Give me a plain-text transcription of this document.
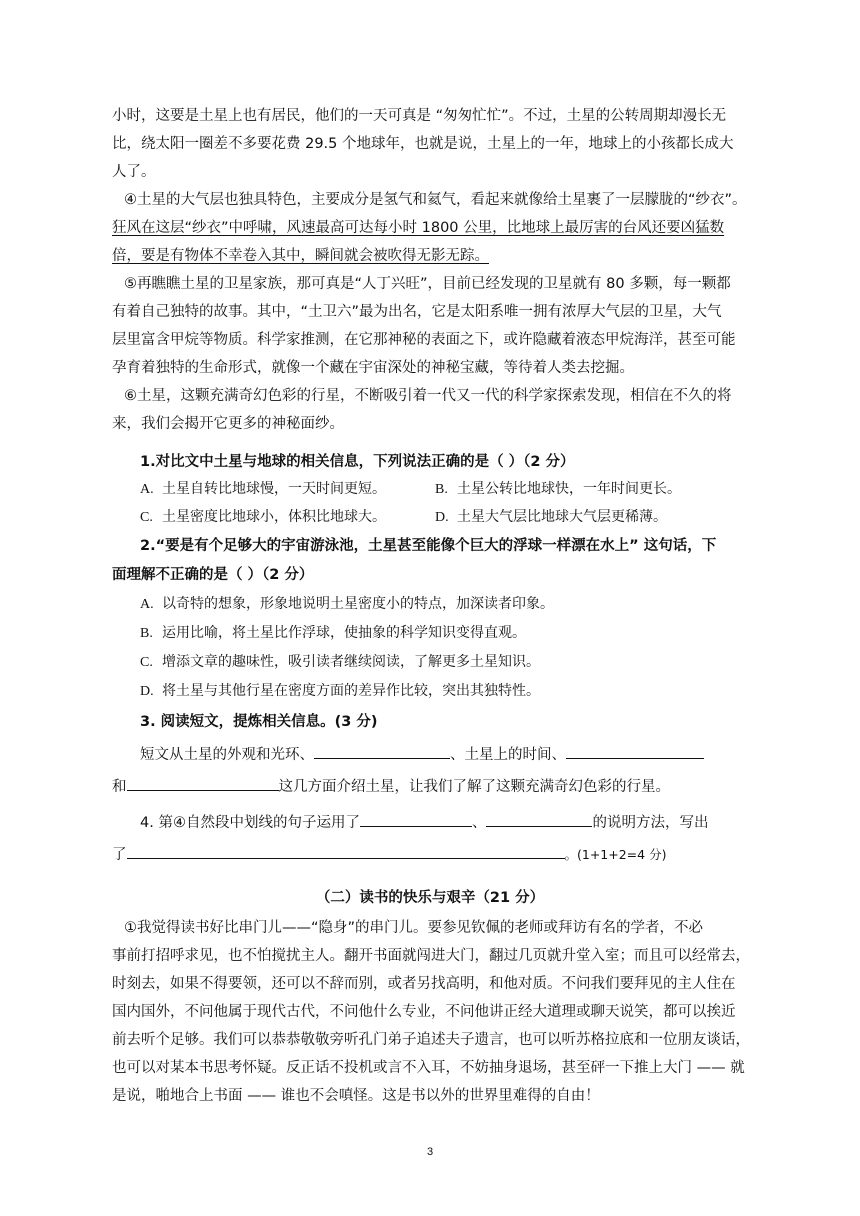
小时，这要是土星上也有居民，他们的一天可真是 “匆匆忙忙”。不过，土星的公转周期却漫长无
比，绕太阳一圈差不多要花费 29.5 个地球年，也就是说，土星上的一年，地球上的小孩都长成大
人了。
④土星的大气层也独具特色，主要成分是氢气和氦气，看起来就像给土星裹了一层朦胧的“纱衣”。
狂风在这层“纱衣”中呼啸，风速最高可达每小时 1800 公里，比地球上最厉害的台风还要凶猛数
倍，要是有物体不幸卷入其中，瞬间就会被吹得无影无踪。
⑤再瞧瞧土星的卫星家族，那可真是“人丁兴旺”，目前已经发现的卫星就有 80 多颗，每一颗都
有着自己独特的故事。其中，“土卫六”最为出名，它是太阳系唯一拥有浓厚大气层的卫星，大气
层里富含甲烷等物质。科学家推测，在它那神秘的表面之下，或许隐藏着液态甲烷海洋，甚至可能
孕育着独特的生命形式，就像一个藏在宇宙深处的神秘宝藏，等待着人类去挖掘。
⑥土星，这颗充满奇幻色彩的行星，不断吸引着一代又一代的科学家探索发现，相信在不久的将
来，我们会揭开它更多的神秘面纱。
1.对比文中土星与地球的相关信息，下列说法正确的是（ ）（2 分）
A. 土星自转比地球慢，一天时间更短。	B. 土星公转比地球快，一年时间更长。
C. 土星密度比地球小，体积比地球大。	D. 土星大气层比地球大气层更稀薄。
2.“要是有个足够大的宇宙游泳池，土星甚至能像个巨大的浮球一样漂在水上” 这句话，下
面理解不正确的是（ ）（2 分）
A. 以奇特的想象，形象地说明土星密度小的特点，加深读者印象。
B. 运用比喻，将土星比作浮球，使抽象的科学知识变得直观。
C. 增添文章的趣味性，吸引读者继续阅读，了解更多土星知识。
D. 将土星与其他行星在密度方面的差异作比较，突出其独特性。
3. 阅读短文，提炼相关信息。(3 分)
短文从土星的外观和光环、	、土星上的时间、
和	这几方面介绍土星，让我们了解了这颗充满奇幻色彩的行星。
4. 第④自然段中划线的句子运用了	、	的说明方法，写出
了	。(1+1+2=4 分)
（二）读书的快乐与艰辛（21 分）
①我觉得读书好比串门儿——“隐身”的串门儿。要参见钦佩的老师或拜访有名的学者，不必
事前打招呼求见，也不怕搅扰主人。翻开书面就闯进大门，翻过几页就升堂入室；而且可以经常去，
时刻去，如果不得要领，还可以不辞而别，或者另找高明，和他对质。不问我们要拜见的主人住在
国内国外，不问他属于现代古代，不问他什么专业，不问他讲正经大道理或聊天说笑，都可以挨近
前去听个足够。我们可以恭恭敬敬旁听孔门弟子追述夫子遗言，也可以听苏格拉底和一位朋友谈话，
也可以对某本书思考怀疑。反正话不投机或言不入耳，不妨抽身退场，甚至砰一下推上大门 —— 就
是说，啪地合上书面 —— 谁也不会嗔怪。这是书以外的世界里难得的自由！
3
